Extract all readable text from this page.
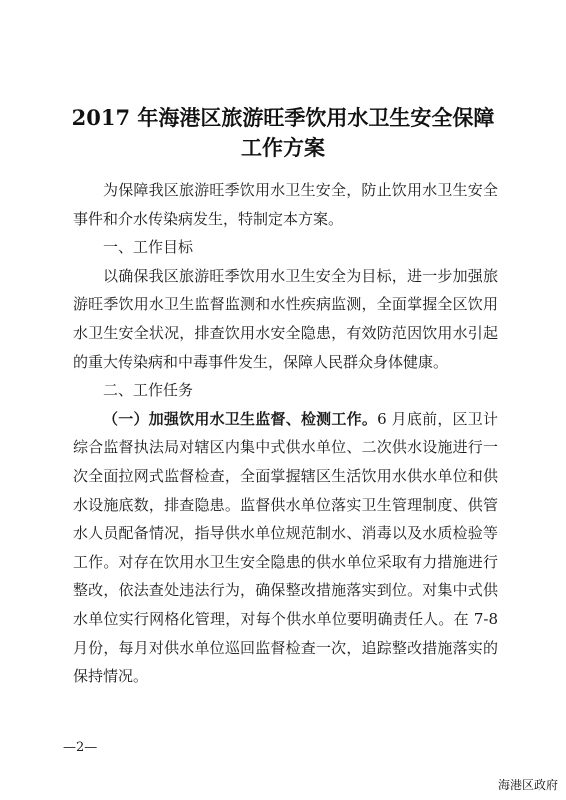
2017 年海港区旅游旺季饮用水卫生安全保障
工作方案

为保障我区旅游旺季饮用水卫生安全，防止饮用水卫生安全事件和介水传染病发生，特制定本方案。

一、工作目标

以确保我区旅游旺季饮用水卫生安全为目标，进一步加强旅游旺季饮用水卫生监督监测和水性疾病监测，全面掌握全区饮用水卫生安全状况，排查饮用水安全隐患，有效防范因饮用水引起的重大传染病和中毒事件发生，保障人民群众身体健康。

二、工作任务

（一）加强饮用水卫生监督、检测工作。6 月底前，区卫计综合监督执法局对辖区内集中式供水单位、二次供水设施进行一次全面拉网式监督检查，全面掌握辖区生活饮用水供水单位和供水设施底数，排查隐患。监督供水单位落实卫生管理制度、供管水人员配备情况，指导供水单位规范制水、消毒以及水质检验等工作。对存在饮用水卫生安全隐患的供水单位采取有力措施进行整改，依法查处违法行为，确保整改措施落实到位。对集中式供水单位实行网格化管理，对每个供水单位要明确责任人。在 7-8 月份，每月对供水单位巡回监督检查一次，追踪整改措施落实的保持情况。

—2—
海港区政府
